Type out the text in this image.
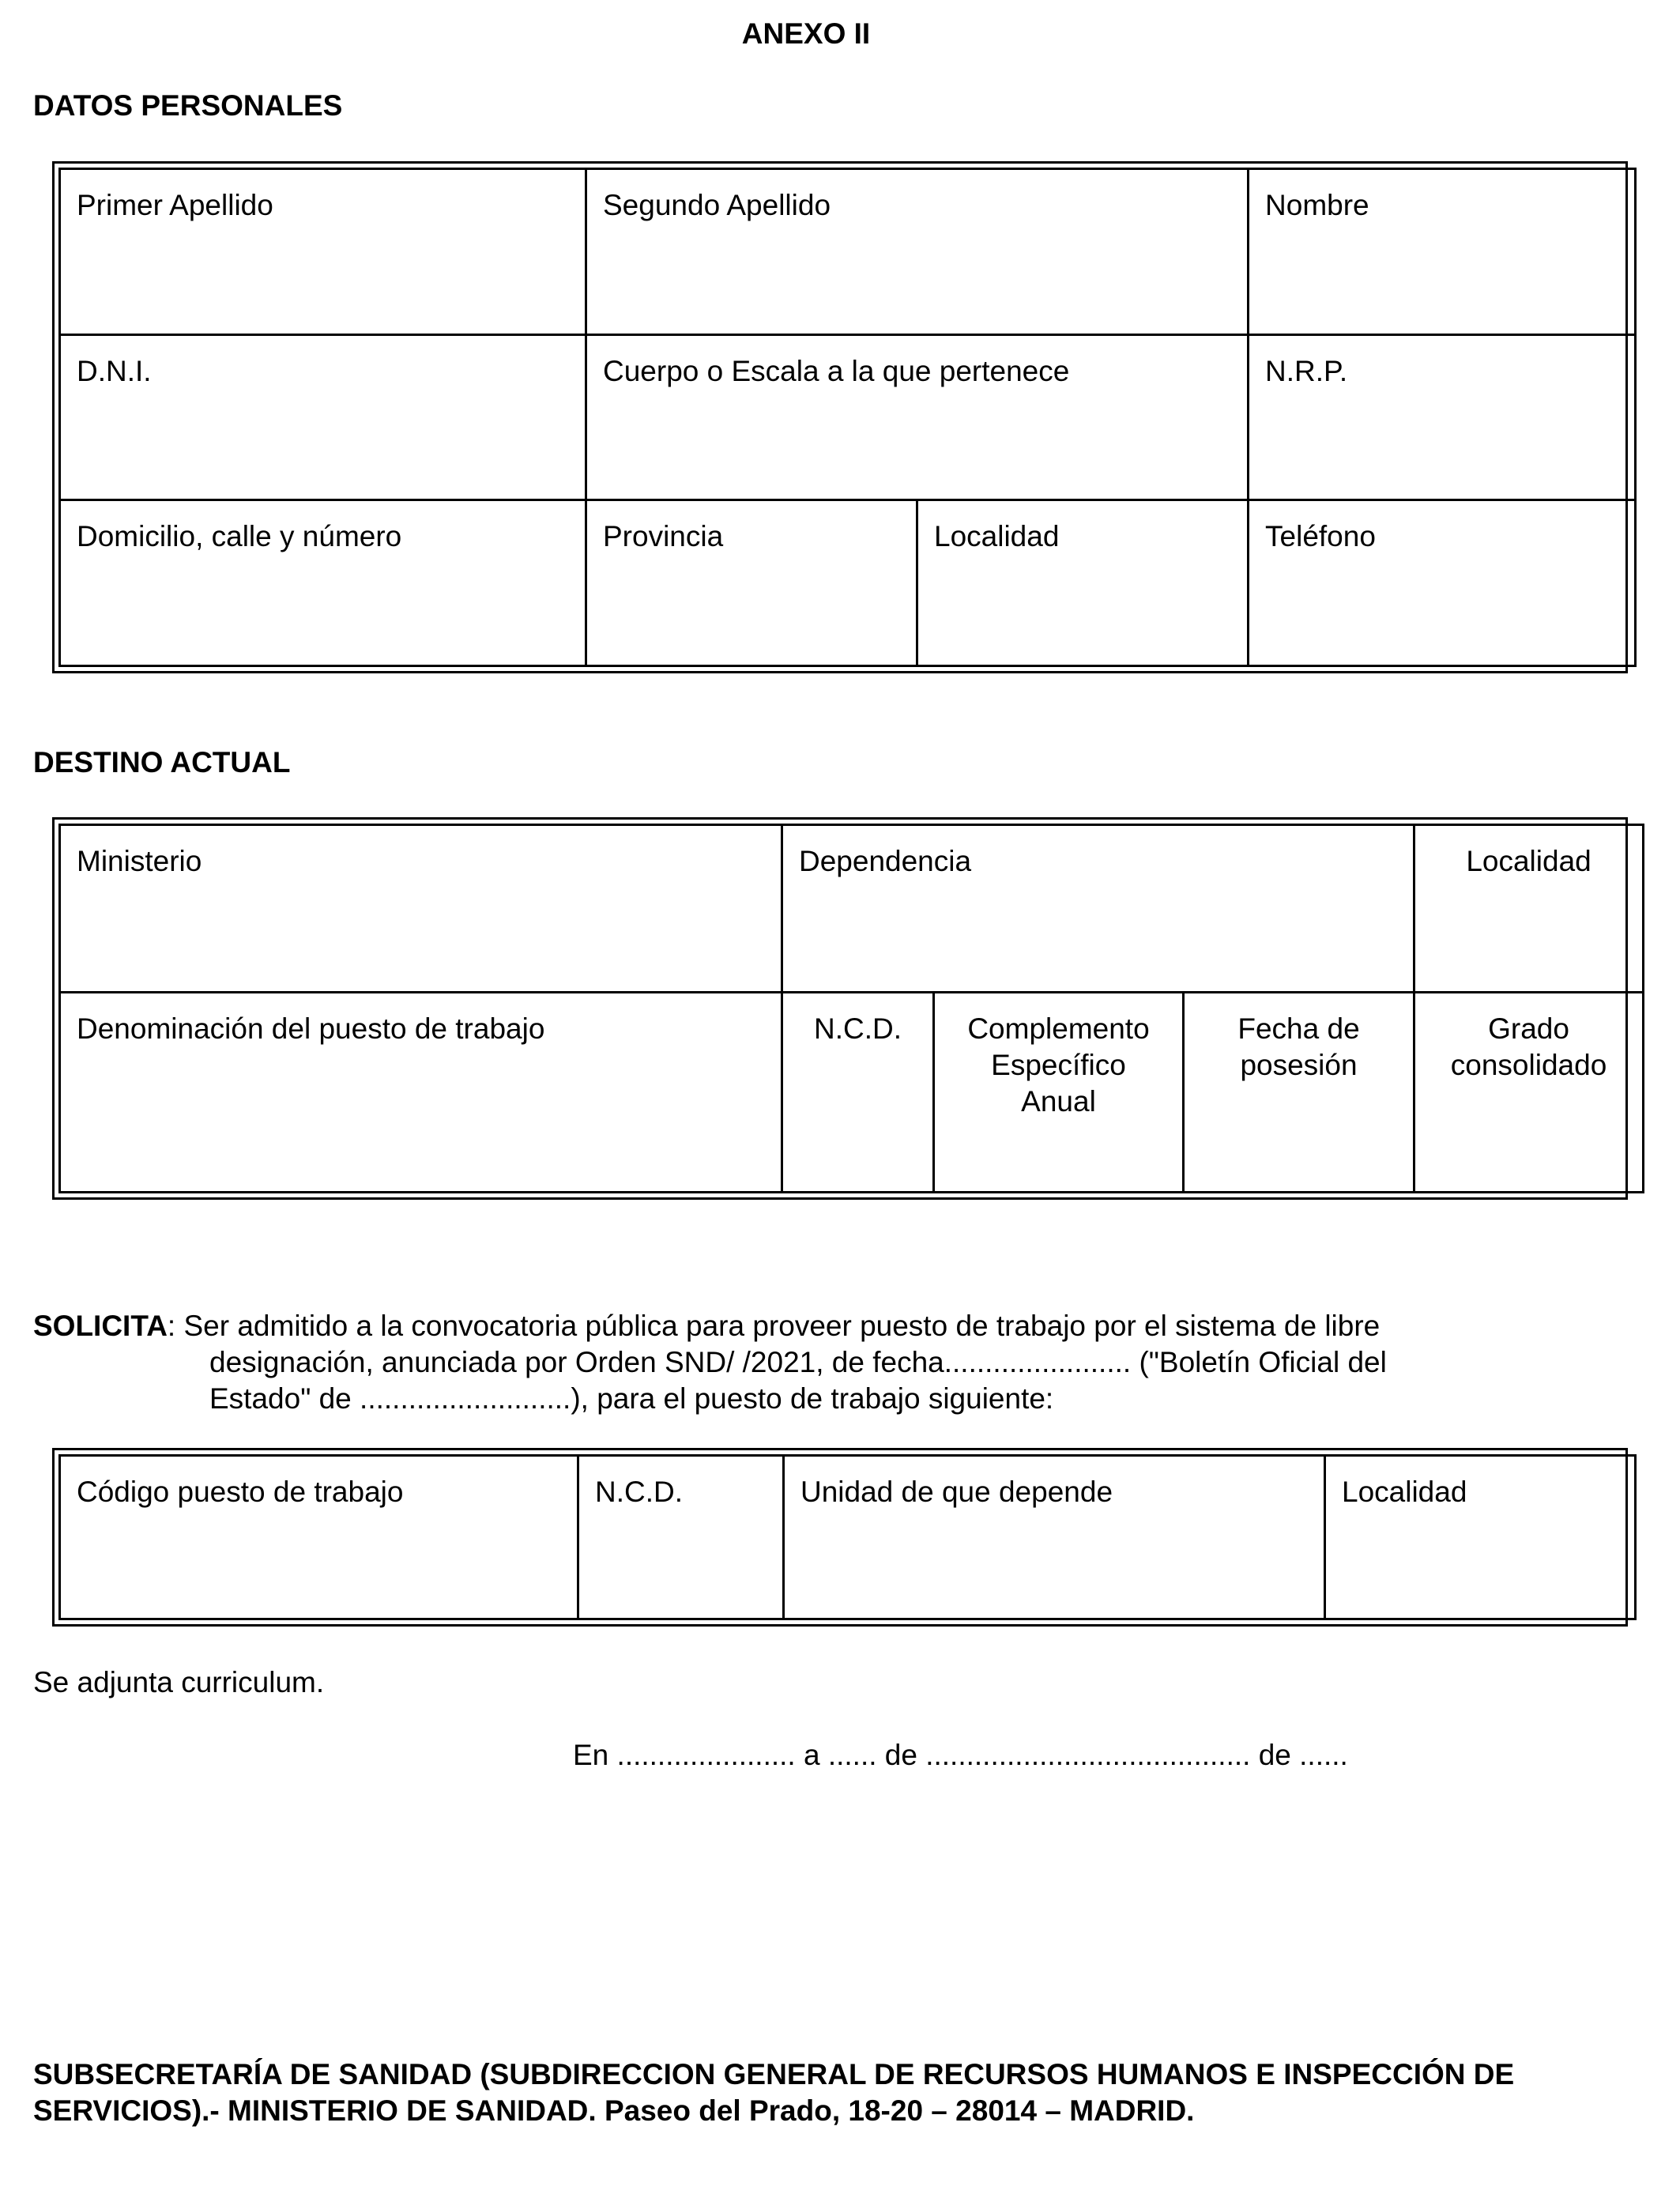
ANEXO II
DATOS PERSONALES
Primer Apellido	Segundo Apellido		Nombre
D.N.I.	Cuerpo o Escala a la que pertenece		N.R.P.
Domicilio, calle y número	Provincia	Localidad	Teléfono
DESTINO ACTUAL
Ministerio	Dependencia			Localidad
Denominación del puesto de trabajo	N.C.D.	Complemento Específico Anual	Fecha de posesión	Grado consolidado
SOLICITA: Ser admitido a la convocatoria pública para proveer puesto de trabajo por el sistema de libre
designación, anunciada por Orden SND/ /2021, de fecha....................... ("Boletín Oficial del
Estado" de ..........................), para el puesto de trabajo siguiente:
Código puesto de trabajo	N.C.D.	Unidad de que depende	Localidad
Se adjunta curriculum.
En ...................... a ...... de ........................................ de ......
SUBSECRETARÍA DE SANIDAD (SUBDIRECCION GENERAL DE RECURSOS HUMANOS E INSPECCIÓN DE
SERVICIOS).- MINISTERIO DE SANIDAD. Paseo del Prado, 18-20 – 28014 – MADRID.
